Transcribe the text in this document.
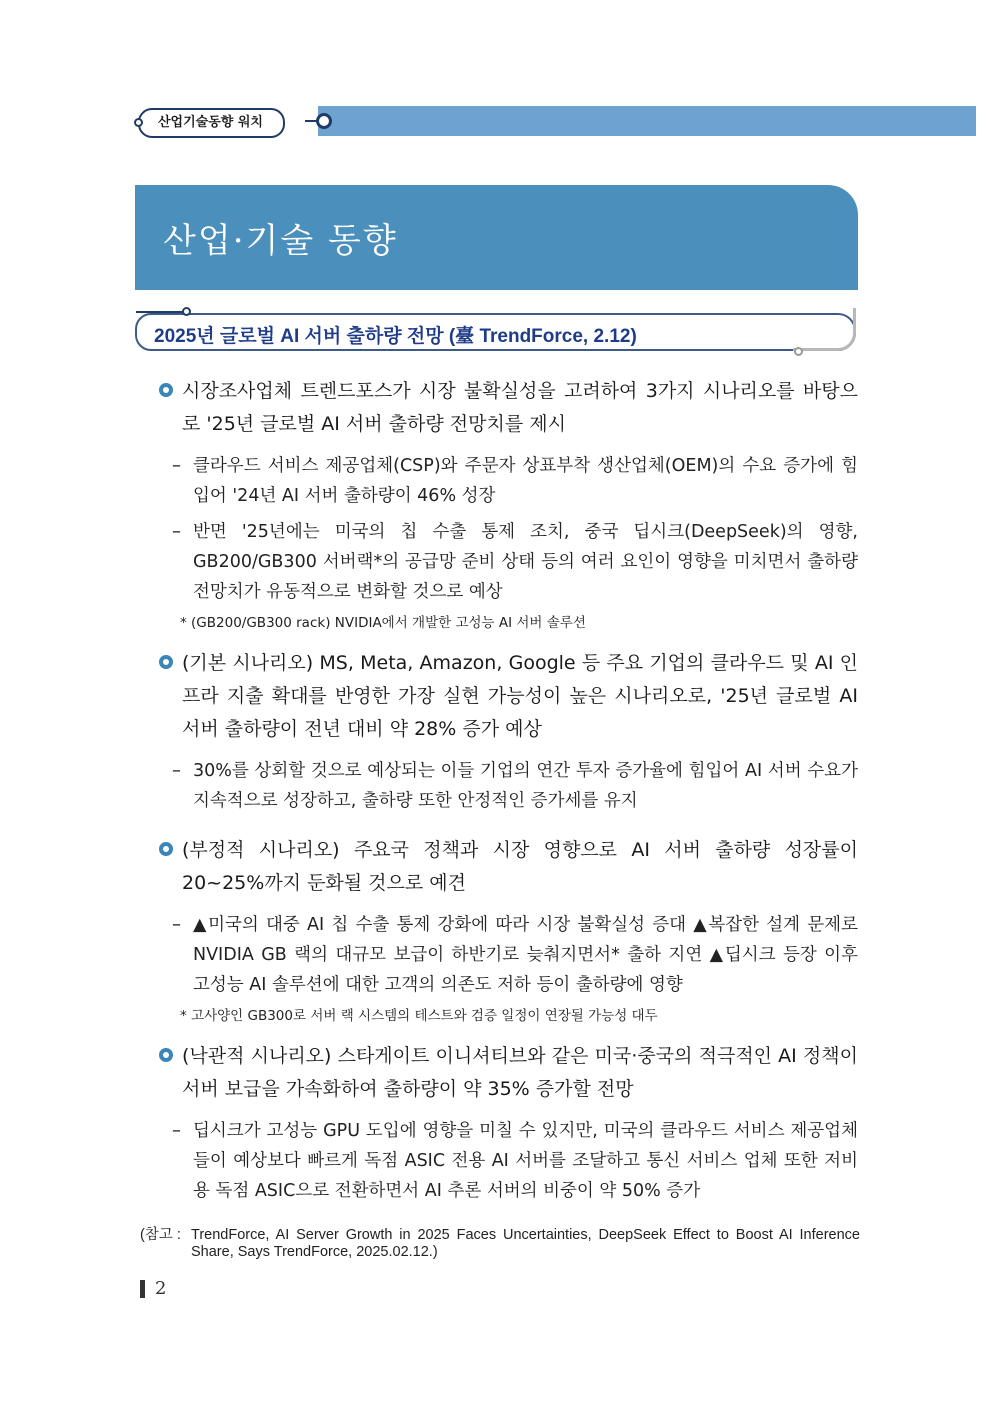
산업기술동향 워치
산업·기술 동향
2025년 글로벌 AI 서버 출하량 전망 (臺 TrendForce, 2.12)
시장조사업체 트렌드포스가 시장 불확실성을 고려하여 3가지 시나리오를 바탕으로 '25년 글로벌 AI 서버 출하량 전망치를 제시
– 클라우드 서비스 제공업체(CSP)와 주문자 상표부착 생산업체(OEM)의 수요 증가에 힘입어 '24년 AI 서버 출하량이 46% 성장
– 반면 '25년에는 미국의 칩 수출 통제 조치, 중국 딥시크(DeepSeek)의 영향, GB200/GB300 서버랙*의 공급망 준비 상태 등의 여러 요인이 영향을 미치면서 출하량 전망치가 유동적으로 변화할 것으로 예상
* (GB200/GB300 rack) NVIDIA에서 개발한 고성능 AI 서버 솔루션
(기본 시나리오) MS, Meta, Amazon, Google 등 주요 기업의 클라우드 및 AI 인프라 지출 확대를 반영한 가장 실현 가능성이 높은 시나리오로, '25년 글로벌 AI 서버 출하량이 전년 대비 약 28% 증가 예상
– 30%를 상회할 것으로 예상되는 이들 기업의 연간 투자 증가율에 힘입어 AI 서버 수요가 지속적으로 성장하고, 출하량 또한 안정적인 증가세를 유지
(부정적 시나리오) 주요국 정책과 시장 영향으로 AI 서버 출하량 성장률이 20~25%까지 둔화될 것으로 예견
– ▲미국의 대중 AI 칩 수출 통제 강화에 따라 시장 불확실성 증대 ▲복잡한 설계 문제로 NVIDIA GB 랙의 대규모 보급이 하반기로 늦춰지면서* 출하 지연 ▲딥시크 등장 이후 고성능 AI 솔루션에 대한 고객의 의존도 저하 등이 출하량에 영향
* 고사양인 GB300로 서버 랙 시스템의 테스트와 검증 일정이 연장될 가능성 대두
(낙관적 시나리오) 스타게이트 이니셔티브와 같은 미국·중국의 적극적인 AI 정책이 서버 보급을 가속화하여 출하량이 약 35% 증가할 전망
– 딥시크가 고성능 GPU 도입에 영향을 미칠 수 있지만, 미국의 클라우드 서비스 제공업체들이 예상보다 빠르게 독점 ASIC 전용 AI 서버를 조달하고 통신 서비스 업체 또한 저비용 독점 ASIC으로 전환하면서 AI 추론 서버의 비중이 약 50% 증가
(참고 : TrendForce, AI Server Growth in 2025 Faces Uncertainties, DeepSeek Effect to Boost AI Inference Share, Says TrendForce, 2025.02.12.)
2
